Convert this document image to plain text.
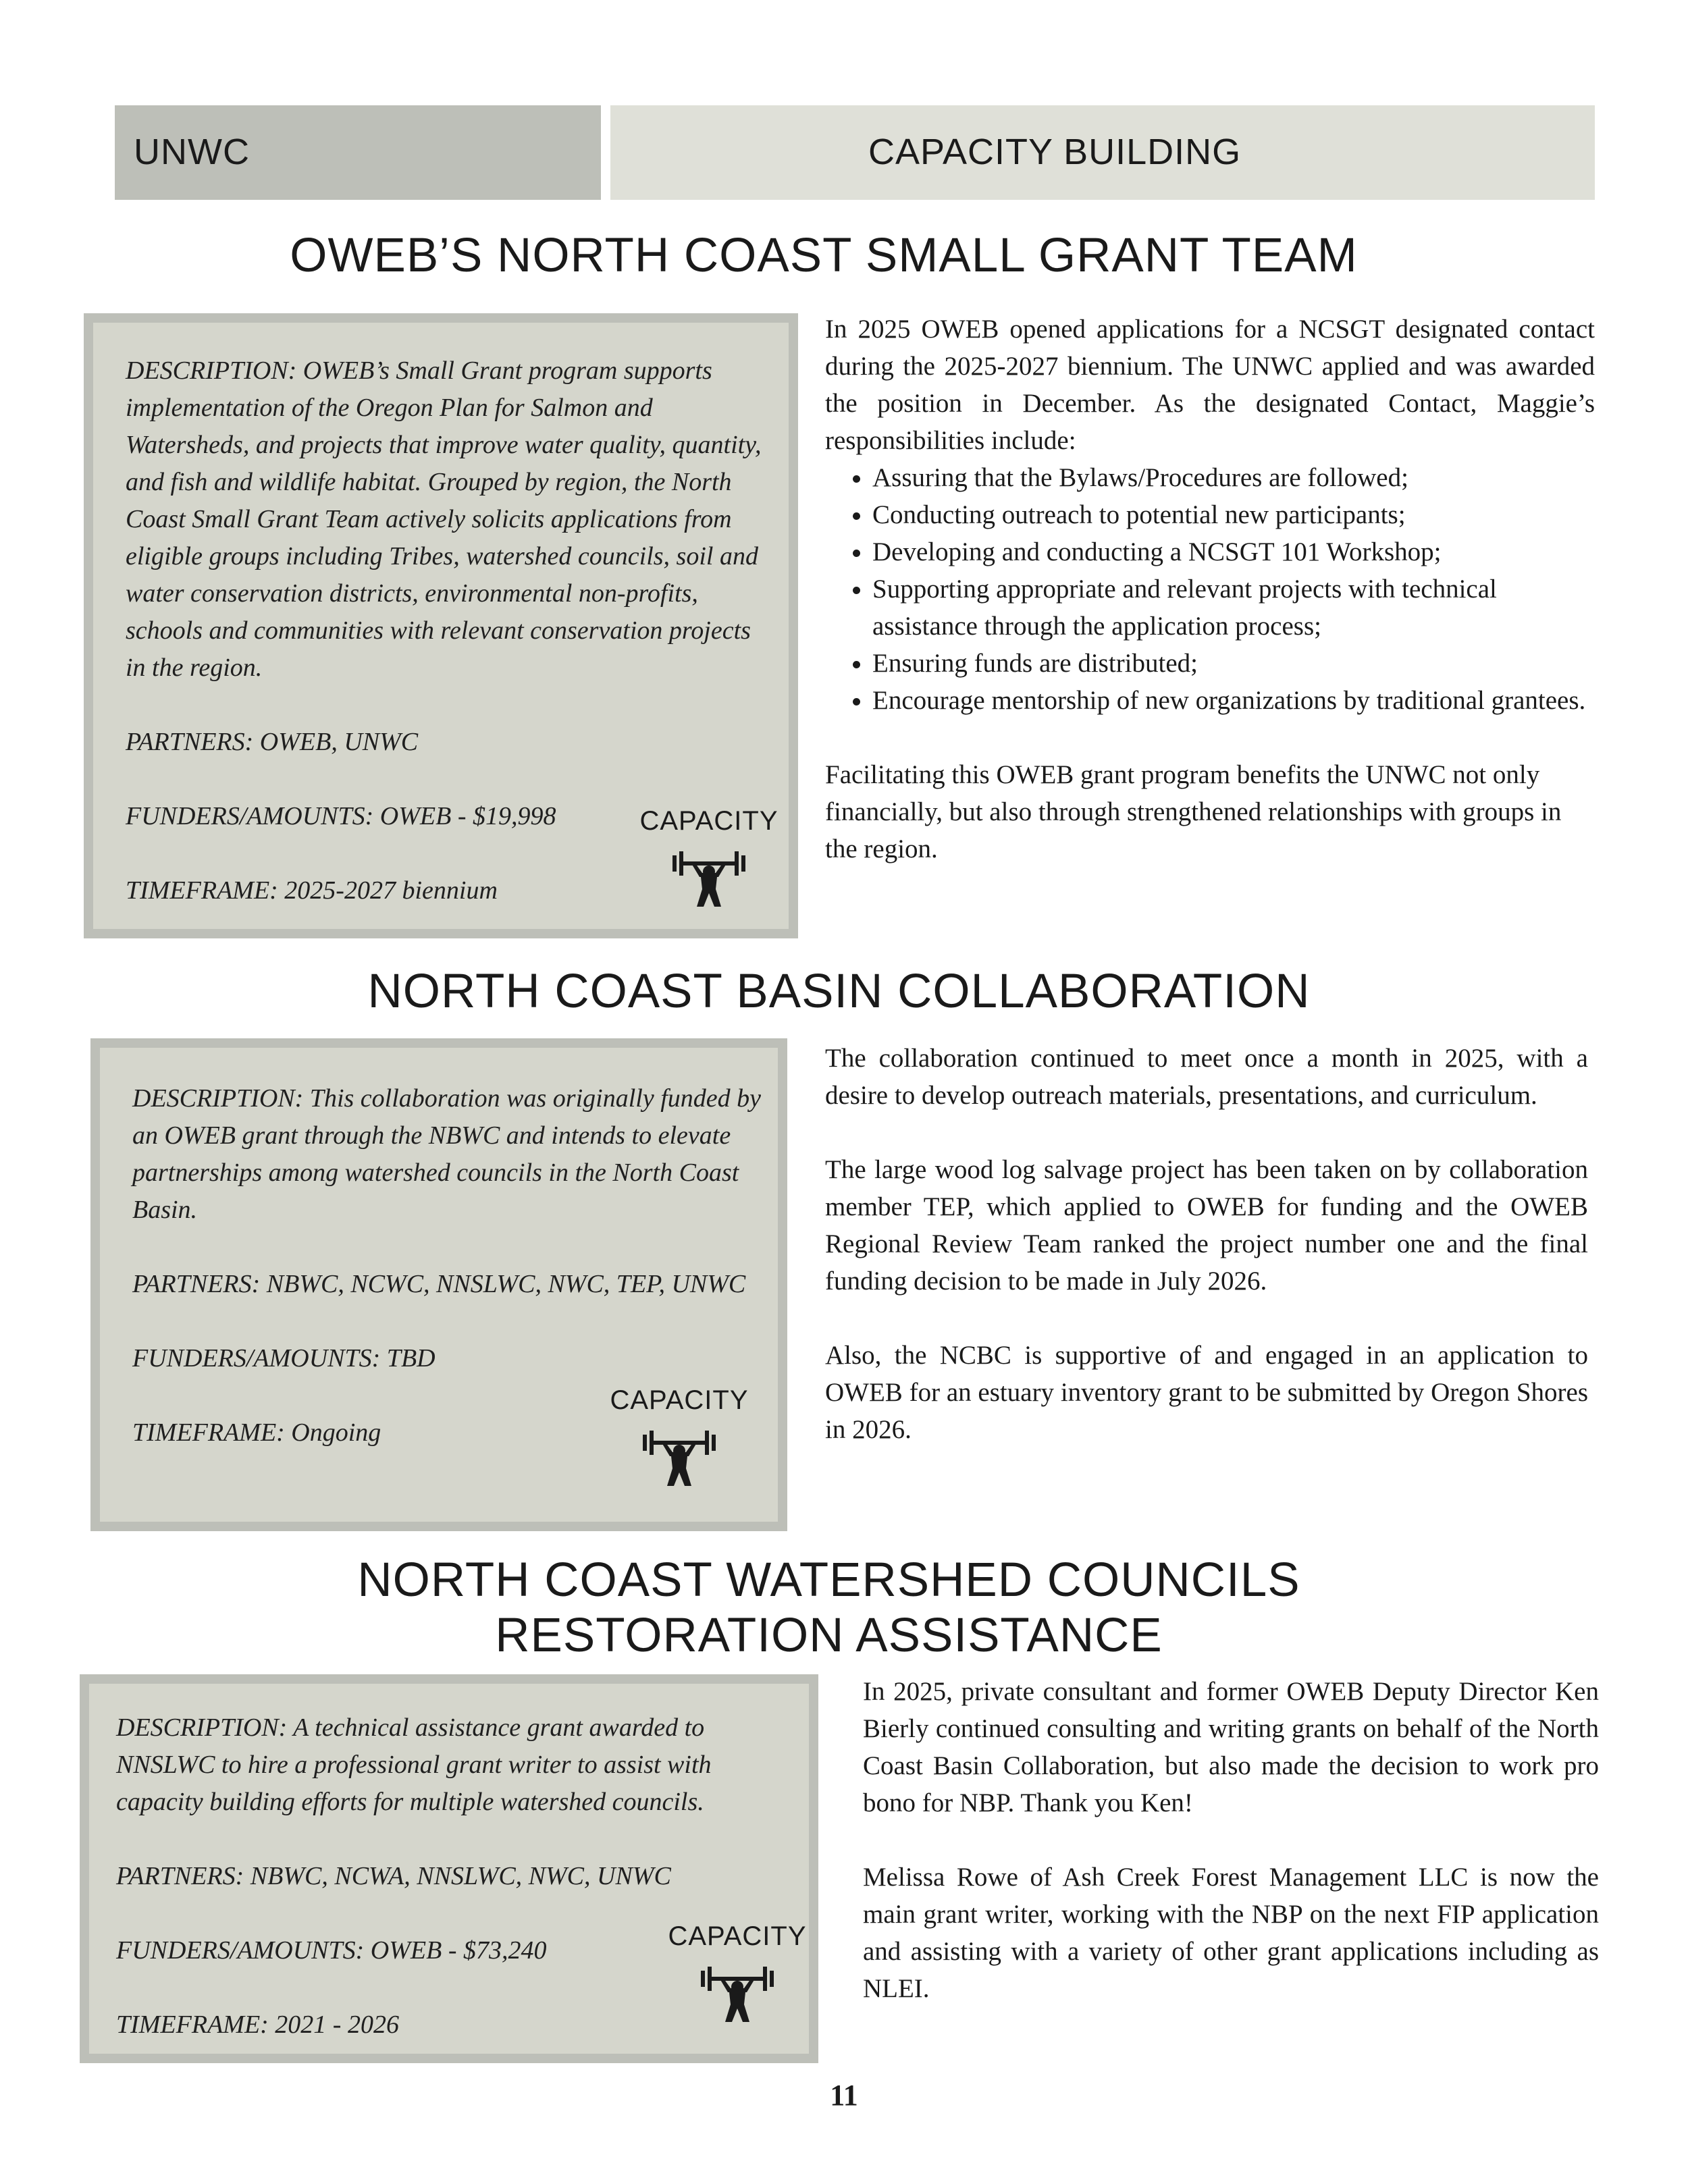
UNWC	CAPACITY BUILDING
OWEB’S NORTH COAST SMALL GRANT TEAM

DESCRIPTION: OWEB’s Small Grant program supports implementation of the Oregon Plan for Salmon and Watersheds, and projects that improve water quality, quantity, and fish and wildlife habitat. Grouped by region, the North Coast Small Grant Team actively solicits applications from eligible groups including Tribes, watershed councils, soil and water conservation districts, environmental non-profits, schools and communities with relevant conservation projects in the region.

PARTNERS: OWEB, UNWC

FUNDERS/AMOUNTS: OWEB - $19,998

TIMEFRAME: 2025-2027 biennium

CAPACITY

In 2025 OWEB opened applications for a NCSGT designated contact during the 2025-2027 biennium. The UNWC applied and was awarded the position in December. As the designated Contact, Maggie’s responsibilities include:

• Assuring that the Bylaws/Procedures are followed;
• Conducting outreach to potential new participants;
• Developing and conducting a NCSGT 101 Workshop;
• Supporting appropriate and relevant projects with technical assistance through the application process;
• Ensuring funds are distributed;
• Encourage mentorship of new organizations by traditional grantees.

Facilitating this OWEB grant program benefits the UNWC not only financially, but also through strengthened relationships with groups in the region.

NORTH COAST BASIN COLLABORATION

DESCRIPTION: This collaboration was originally funded by an OWEB grant through the NBWC and intends to elevate partnerships among watershed councils in the North Coast Basin.

PARTNERS: NBWC, NCWC, NNSLWC, NWC, TEP, UNWC

FUNDERS/AMOUNTS: TBD

TIMEFRAME: Ongoing

CAPACITY

The collaboration continued to meet once a month in 2025, with a desire to develop outreach materials, presentations, and curriculum.

The large wood log salvage project has been taken on by collaboration member TEP, which applied to OWEB for funding and the OWEB Regional Review Team ranked the project number one and the final funding decision to be made in July 2026.

Also, the NCBC is supportive of and engaged in an application to OWEB for an estuary inventory grant to be submitted by Oregon Shores in 2026.

NORTH COAST WATERSHED COUNCILS
RESTORATION ASSISTANCE

DESCRIPTION: A technical assistance grant awarded to NNSLWC to hire a professional grant writer to assist with capacity building efforts for multiple watershed councils.

PARTNERS: NBWC, NCWA, NNSLWC, NWC, UNWC

FUNDERS/AMOUNTS: OWEB - $73,240

TIMEFRAME: 2021 - 2026

CAPACITY

In 2025, private consultant and former OWEB Deputy Director Ken Bierly continued consulting and writing grants on behalf of the North Coast Basin Collaboration, but also made the decision to work pro bono for NBP. Thank you Ken!

Melissa Rowe of Ash Creek Forest Management LLC is now the main grant writer, working with the NBP on the next FIP application and assisting with a variety of other grant applications including as NLEI.

11
